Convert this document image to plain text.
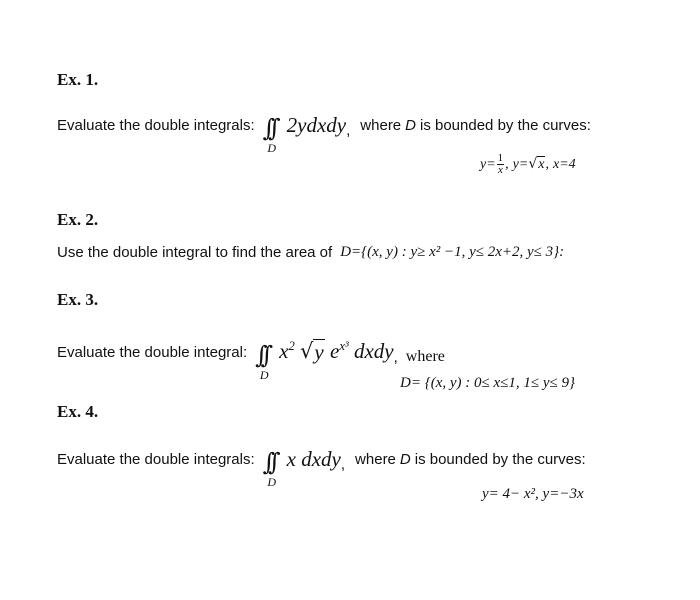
Ex. 1.
Evaluate the double integrals: ∫∫
D
2ydxdy , where D is bounded by the curves:
$y= \frac{1}{x}$ , y= √ x , x=4
Ex. 2.
Use the double integral to find the area of D={(x, y) : y≥ x² −1, y≤ 2x+2, y≤ 3}:
Ex. 3.
Evaluate the double integral: ∫∫
D
$x^2$ √ y $e^{x^3}$ dxdy , where
D= {(x, y) : 0≤ x≤1, 1≤ y≤ 9}
Ex. 4.
Evaluate the double integrals: ∫∫
D
x dxdy , where D is bounded by the curves:
y= 4− x², y=−3x
